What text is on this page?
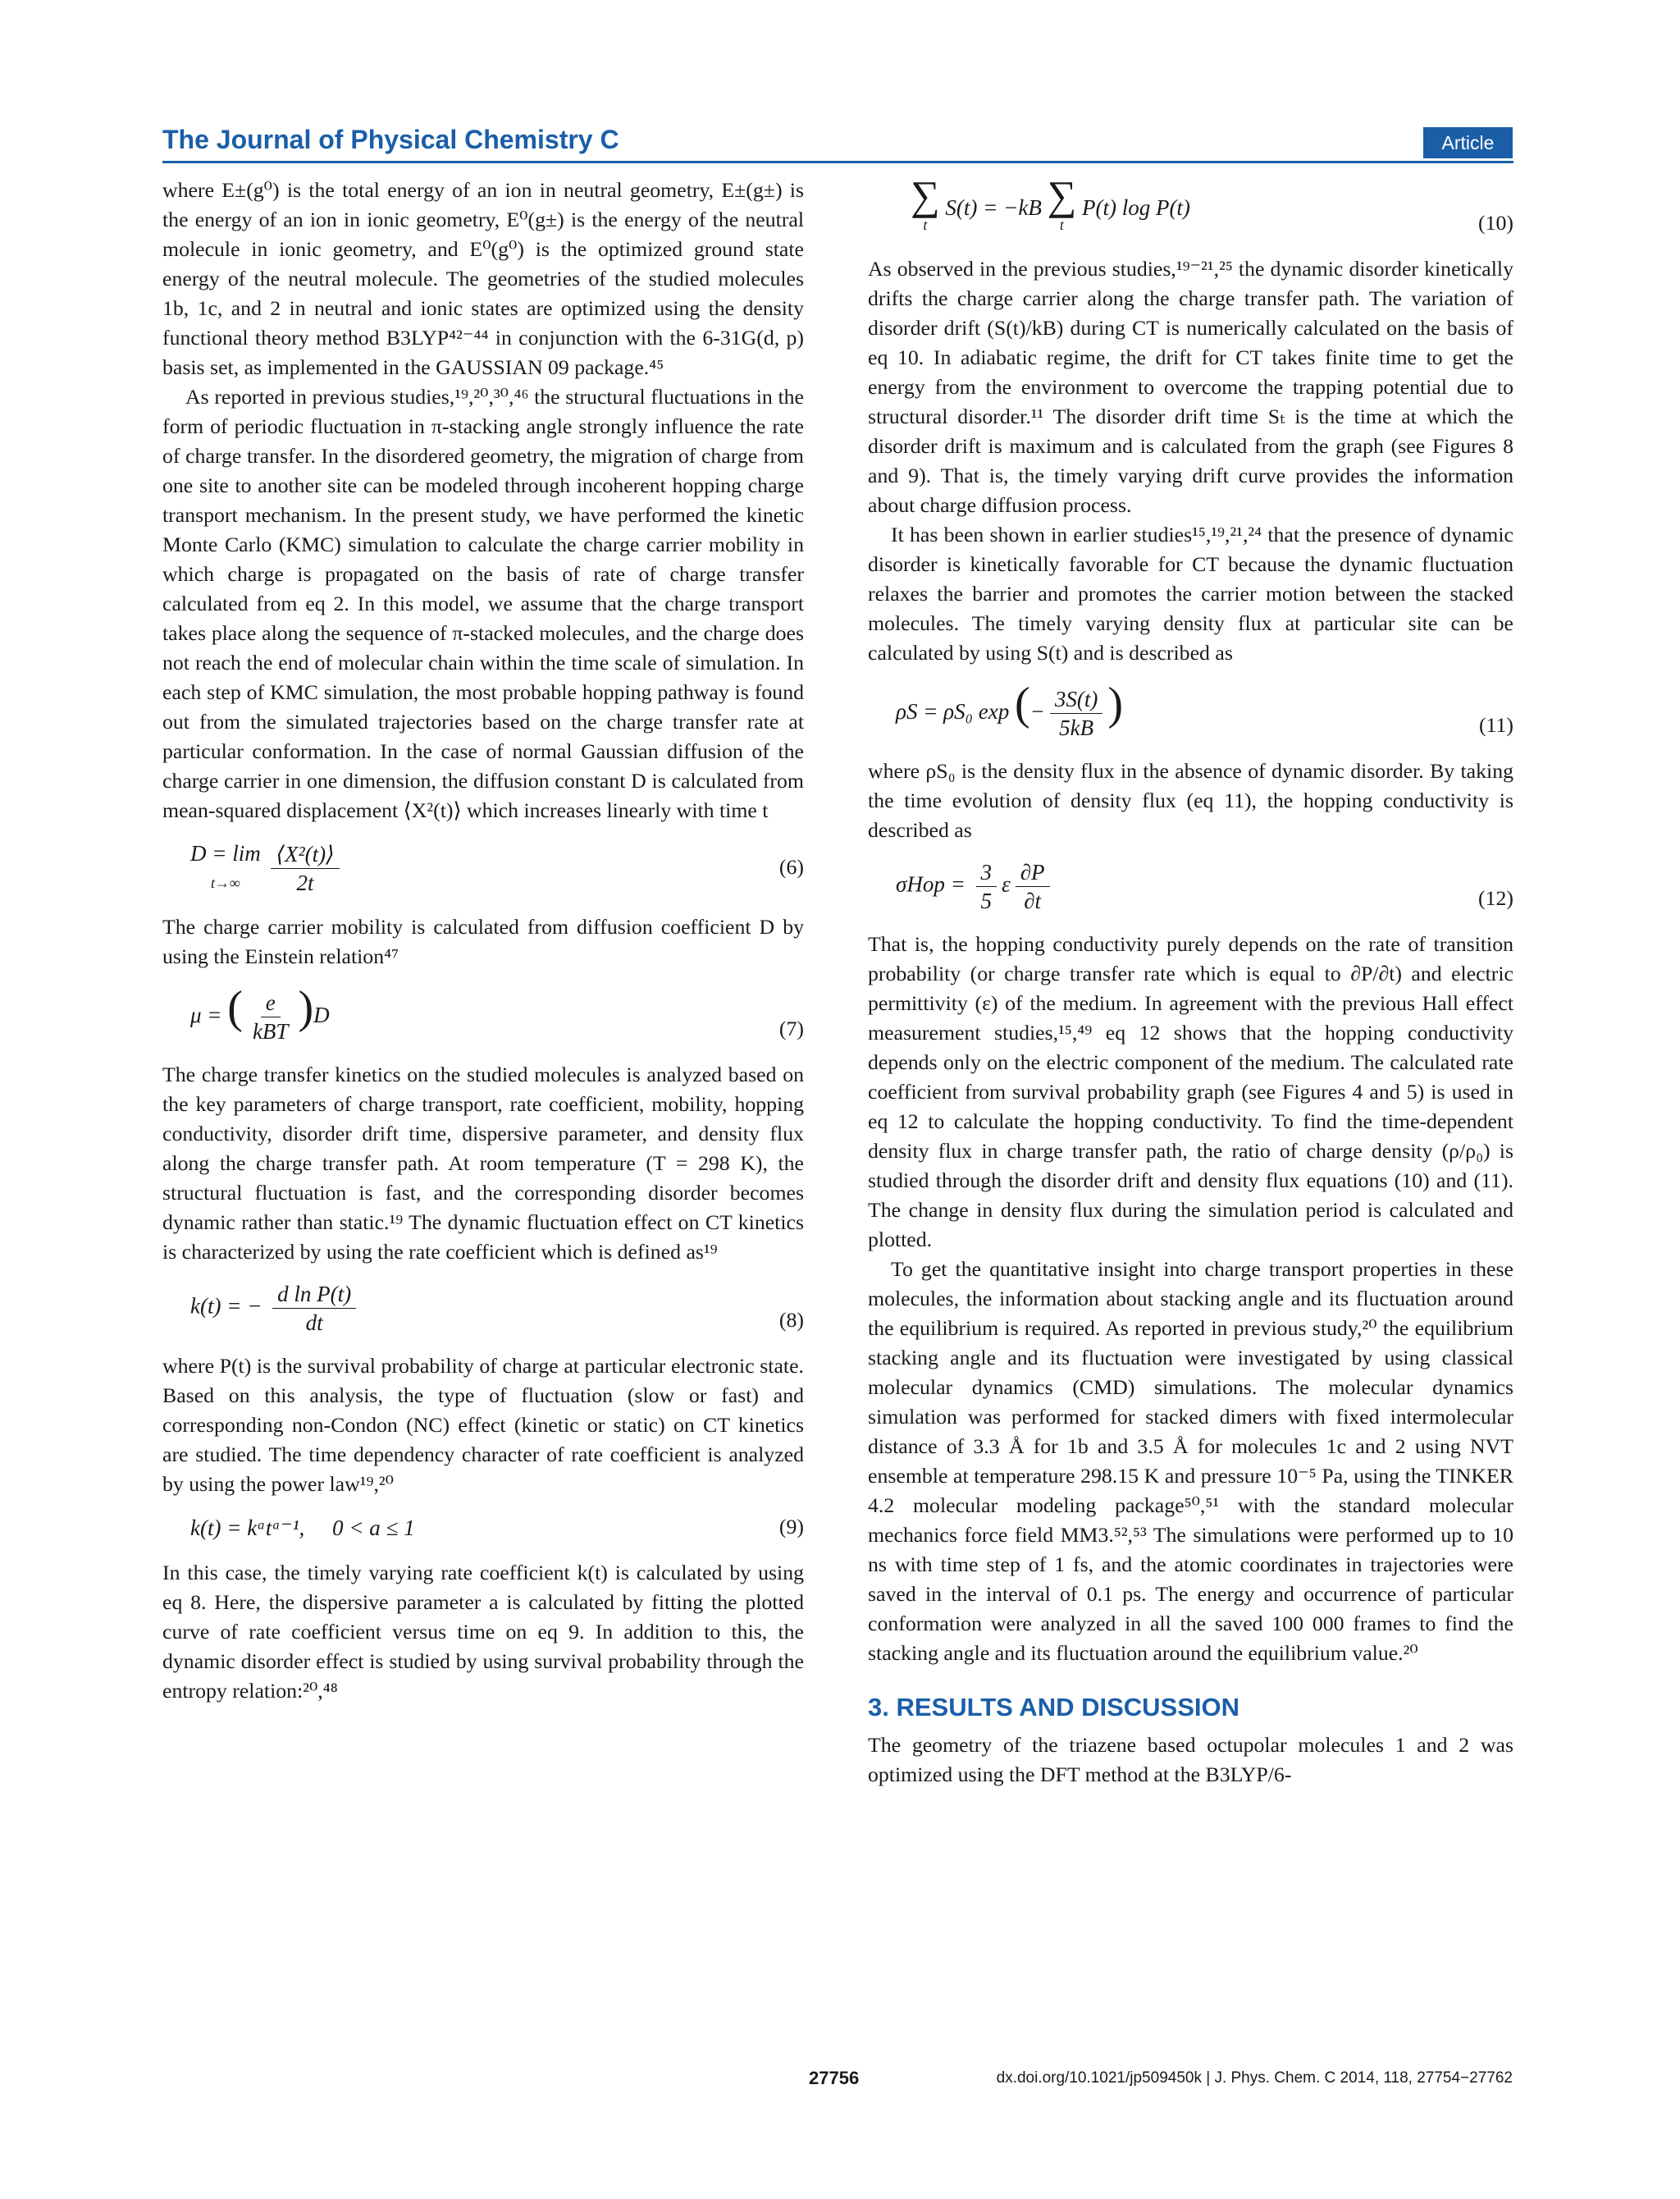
The Journal of Physical Chemistry C	Article

where E±(g⁰) is the total energy of an ion in neutral geometry, E±(g±) is the energy of an ion in ionic geometry, E⁰(g±) is the energy of the neutral molecule in ionic geometry, and E⁰(g⁰) is the optimized ground state energy of the neutral molecule. The geometries of the studied molecules 1b, 1c, and 2 in neutral and ionic states are optimized using the density functional theory method B3LYP⁴²⁻⁴⁴ in conjunction with the 6-31G(d, p) basis set, as implemented in the GAUSSIAN 09 package.⁴⁵

As reported in previous studies,¹⁹,²⁰,³⁰,⁴⁶ the structural fluctuations in the form of periodic fluctuation in π-stacking angle strongly influence the rate of charge transfer. In the disordered geometry, the migration of charge from one site to another site can be modeled through incoherent hopping charge transport mechanism. In the present study, we have performed the kinetic Monte Carlo (KMC) simulation to calculate the charge carrier mobility in which charge is propagated on the basis of rate of charge transfer calculated from eq 2. In this model, we assume that the charge transport takes place along the sequence of π-stacked molecules, and the charge does not reach the end of molecular chain within the time scale of simulation. In each step of KMC simulation, the most probable hopping pathway is found out from the simulated trajectories based on the charge transfer rate at particular conformation. In the case of normal Gaussian diffusion of the charge carrier in one dimension, the diffusion constant D is calculated from mean-squared displacement ⟨X²(t)⟩ which increases linearly with time t

D = lim
t→∞
$\frac{\text{⟨X²(t)⟩}}{2t}$	(6)

The charge carrier mobility is calculated from diffusion coefficient D by using the Einstein relation⁴⁷

μ = ( $\frac{e}{\text{kBT}} )D$
(7)

The charge transfer kinetics on the studied molecules is analyzed based on the key parameters of charge transport, rate coefficient, mobility, hopping conductivity, disorder drift time, dispersive parameter, and density flux along the charge transfer path. At room temperature (T = 298 K), the structural fluctuation is fast, and the corresponding disorder becomes dynamic rather than static.¹⁹ The dynamic fluctuation effect on CT kinetics is characterized by using the rate coefficient which is defined as¹⁹

k(t) = − $\frac{\text{d ln P(t)}}{dt}$	(8)

where P(t) is the survival probability of charge at particular electronic state. Based on this analysis, the type of fluctuation (slow or fast) and corresponding non-Condon (NC) effect (kinetic or static) on CT kinetics are studied. The time dependency character of rate coefficient is analyzed by using the power law¹⁹,²⁰

k(t) = kᵃtᵃ⁻¹,     0 < a ≤ 1	(9)

In this case, the timely varying rate coefficient k(t) is calculated by using eq 8. Here, the dispersive parameter a is calculated by fitting the plotted curve of rate coefficient versus time on eq 9. In addition to this, the dynamic disorder effect is studied by using survival probability through the entropy relation:²⁰,⁴⁸

∑
t
S(t) = −kB ∑
t
P(t) log P(t)
(10)

As observed in the previous studies,¹⁹⁻²¹,²⁵ the dynamic disorder kinetically drifts the charge carrier along the charge transfer path. The variation of disorder drift (S(t)/kB) during CT is numerically calculated on the basis of eq 10. In adiabatic regime, the drift for CT takes finite time to get the energy from the environment to overcome the trapping potential due to structural disorder.¹¹ The disorder drift time Sₜ is the time at which the disorder drift is maximum and is calculated from the graph (see Figures 8 and 9). That is, the timely varying drift curve provides the information about charge diffusion process.

It has been shown in earlier studies¹⁵,¹⁹,²¹,²⁴ that the presence of dynamic disorder is kinetically favorable for CT because the dynamic fluctuation relaxes the barrier and promotes the carrier motion between the stacked molecules. The timely varying density flux at particular site can be calculated by using S(t) and is described as

ρS = ρS₀ exp (− $\frac{3S(t)}{5kB}$ )	(11)

where ρS₀ is the density flux in the absence of dynamic disorder. By taking the time evolution of density flux (eq 11), the hopping conductivity is described as

$\sigma Hop = \frac{3}{5}$ ε $\frac{\partial P}{\partial t}$	(12)

That is, the hopping conductivity purely depends on the rate of transition probability (or charge transfer rate which is equal to ∂P/∂t) and electric permittivity (ε) of the medium. In agreement with the previous Hall effect measurement studies,¹⁵,⁴⁹ eq 12 shows that the hopping conductivity depends only on the electric component of the medium. The calculated rate coefficient from survival probability graph (see Figures 4 and 5) is used in eq 12 to calculate the hopping conductivity. To find the time-dependent density flux in charge transfer path, the ratio of charge density (ρ/ρ₀) is studied through the disorder drift and density flux equations (10) and (11). The change in density flux during the simulation period is calculated and plotted.

To get the quantitative insight into charge transport properties in these molecules, the information about stacking angle and its fluctuation around the equilibrium is required. As reported in previous study,²⁰ the equilibrium stacking angle and its fluctuation were investigated by using classical molecular dynamics (CMD) simulations. The molecular dynamics simulation was performed for stacked dimers with fixed intermolecular distance of 3.3 Å for 1b and 3.5 Å for molecules 1c and 2 using NVT ensemble at temperature 298.15 K and pressure 10⁻⁵ Pa, using the TINKER 4.2 molecular modeling package⁵⁰,⁵¹ with the standard molecular mechanics force field MM3.⁵²,⁵³ The simulations were performed up to 10 ns with time step of 1 fs, and the atomic coordinates in trajectories were saved in the interval of 0.1 ps. The energy and occurrence of particular conformation were analyzed in all the saved 100 000 frames to find the stacking angle and its fluctuation around the equilibrium value.²⁰

3. RESULTS AND DISCUSSION

The geometry of the triazene based octupolar molecules 1 and 2 was optimized using the DFT method at the B3LYP/6-

27756	dx.doi.org/10.1021/jp509450k | J. Phys. Chem. C 2014, 118, 27754−27762
